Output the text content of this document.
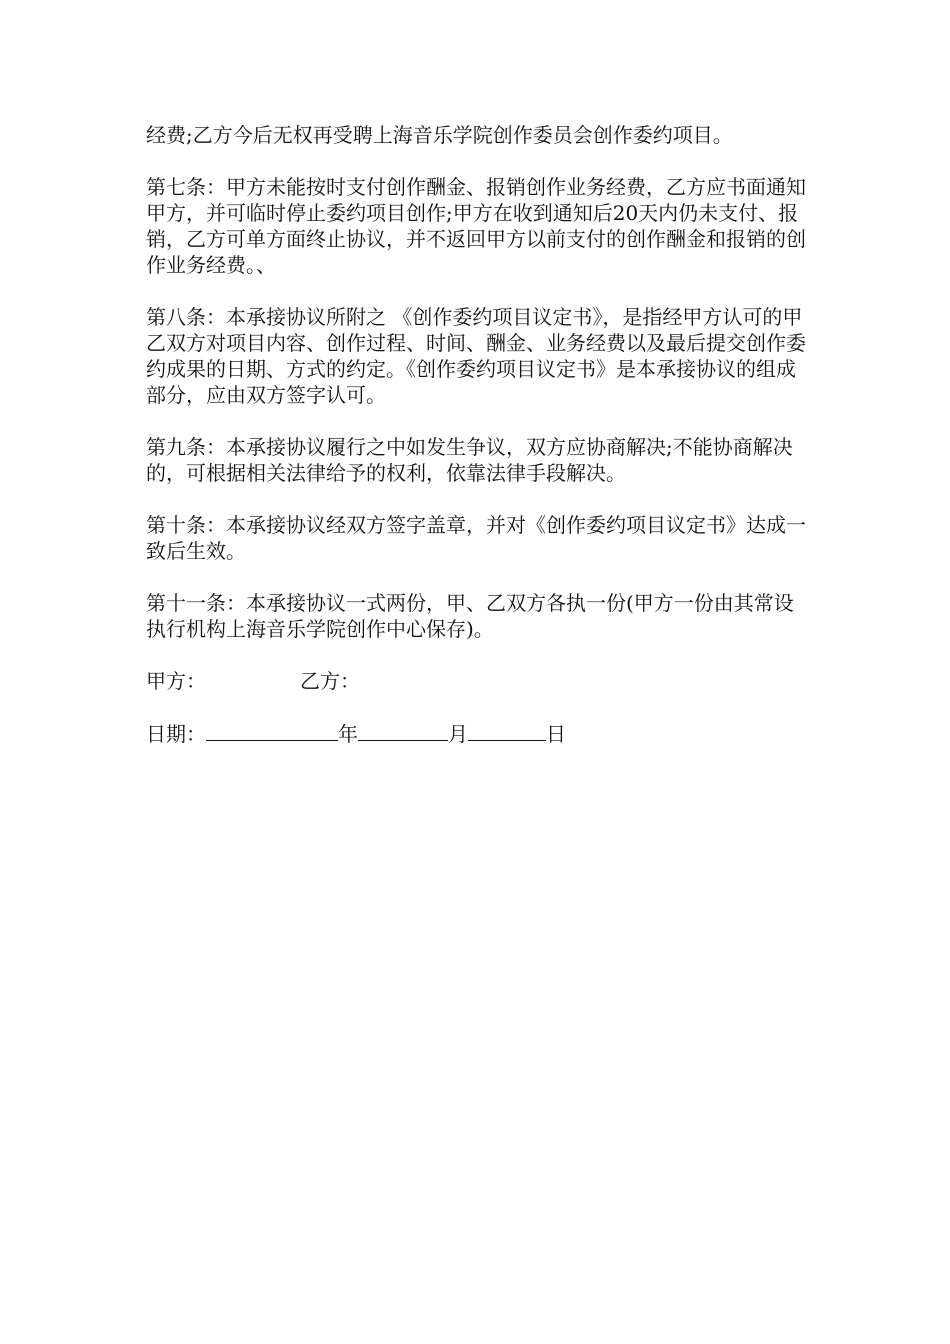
经费;乙方今后无权再受聘上海音乐学院创作委员会创作委约项目。

第七条：甲方未能按时支付创作酬金、报销创作业务经费，乙方应书面通知甲方，并可临时停止委约项目创作;甲方在收到通知后20天内仍未支付、报销，乙方可单方面终止协议，并不返回甲方以前支付的创作酬金和报销的创作业务经费。、

第八条：本承接协议所附之 《创作委约项目议定书》，是指经甲方认可的甲乙双方对项目内容、创作过程、时间、酬金、业务经费以及最后提交创作委约成果的日期、方式的约定。《创作委约项目议定书》是本承接协议的组成部分，应由双方签字认可。

第九条：本承接协议履行之中如发生争议，双方应协商解决;不能协商解决的，可根据相关法律给予的权利，依靠法律手段解决。

第十条：本承接协议经双方签字盖章，并对《创作委约项目议定书》达成一致后生效。

第十一条：本承接协议一式两份，甲、乙双方各执一份(甲方一份由其常设执行机构上海音乐学院创作中心保存)。

甲方：	乙方：
日期：	年	月	日
